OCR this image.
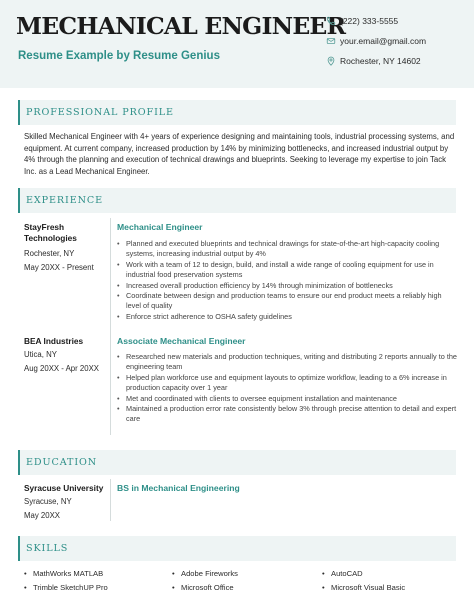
MECHANICAL ENGINEER
Resume Example by Resume Genius
(222) 333-5555
your.email@gmail.com
Rochester, NY 14602
PROFESSIONAL PROFILE

Skilled Mechanical Engineer with 4+ years of experience designing and maintaining tools, industrial processing systems, and equipment. At current company, increased production by 14% by minimizing bottlenecks, and increased industrial output by 4% through the planning and execution of technical drawings and blueprints. Seeking to leverage my expertise to join Tack Inc. as a Lead Mechanical Engineer.

EXPERIENCE
StayFresh Technologies
Rochester, NY
May 20XX - Present
Mechanical Engineer
• Planned and executed blueprints and technical drawings for state-of-the-art high-capacity cooling systems, increasing industrial output by 4%
• Work with a team of 12 to design, build, and install a wide range of cooling equipment for use in industrial food preservation systems
• Increased overall production efficiency by 14% through minimization of bottlenecks
• Coordinate between design and production teams to ensure our end product meets a reliably high level of quality
• Enforce strict adherence to OSHA safety guidelines
BEA Industries
Utica, NY
Aug 20XX - Apr 20XX
Associate Mechanical Engineer
• Researched new materials and production techniques, writing and distributing 2 reports annually to the engineering team
• Helped plan workforce use and equipment layouts to optimize workflow, leading to a 6% increase in production capacity over 1 year
• Met and coordinated with clients to oversee equipment installation and maintenance
• Maintained a production error rate consistently below 3% through precise attention to detail and expert care
EDUCATION
Syracuse University
Syracuse, NY
May 20XX
BS in Mechanical Engineering
SKILLS
• MathWorks MATLAB	• Adobe Fireworks	• AutoCAD
• Trimble SketchUP Pro	• Microsoft Office	• Microsoft Visual Basic
